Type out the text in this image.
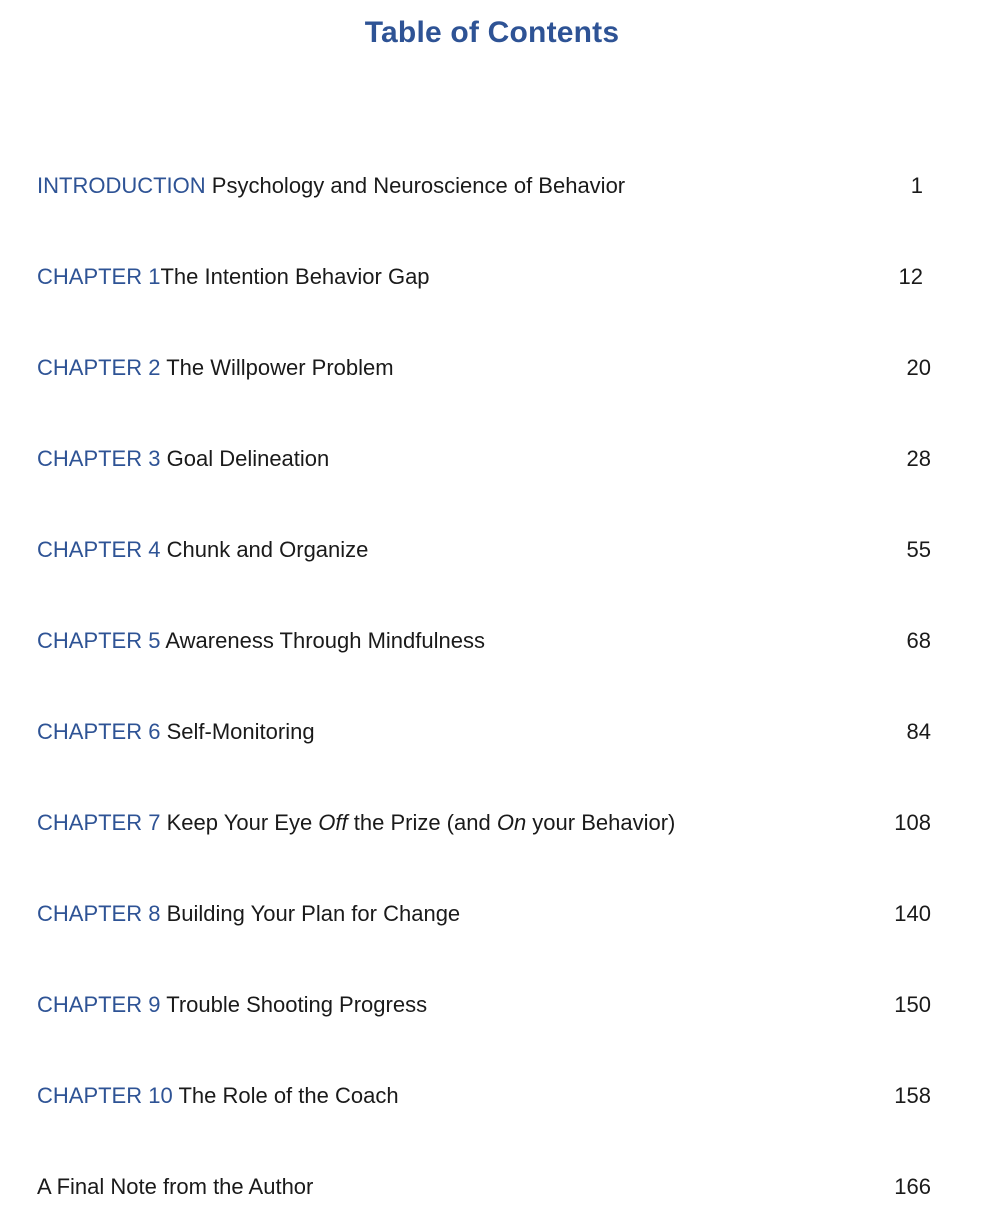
Table of Contents
INTRODUCTION Psychology and Neuroscience of Behavior	1
CHAPTER 1The Intention Behavior Gap	12
CHAPTER 2 The Willpower Problem	20
CHAPTER 3 Goal Delineation	28
CHAPTER 4 Chunk and Organize	55
CHAPTER 5 Awareness Through Mindfulness	68
CHAPTER 6 Self-Monitoring	84
CHAPTER 7 Keep Your Eye Off the Prize (and On your Behavior)	108
CHAPTER 8 Building Your Plan for Change	140
CHAPTER 9 Trouble Shooting Progress	150
CHAPTER 10 The Role of the Coach	158
A Final Note from the Author	166
